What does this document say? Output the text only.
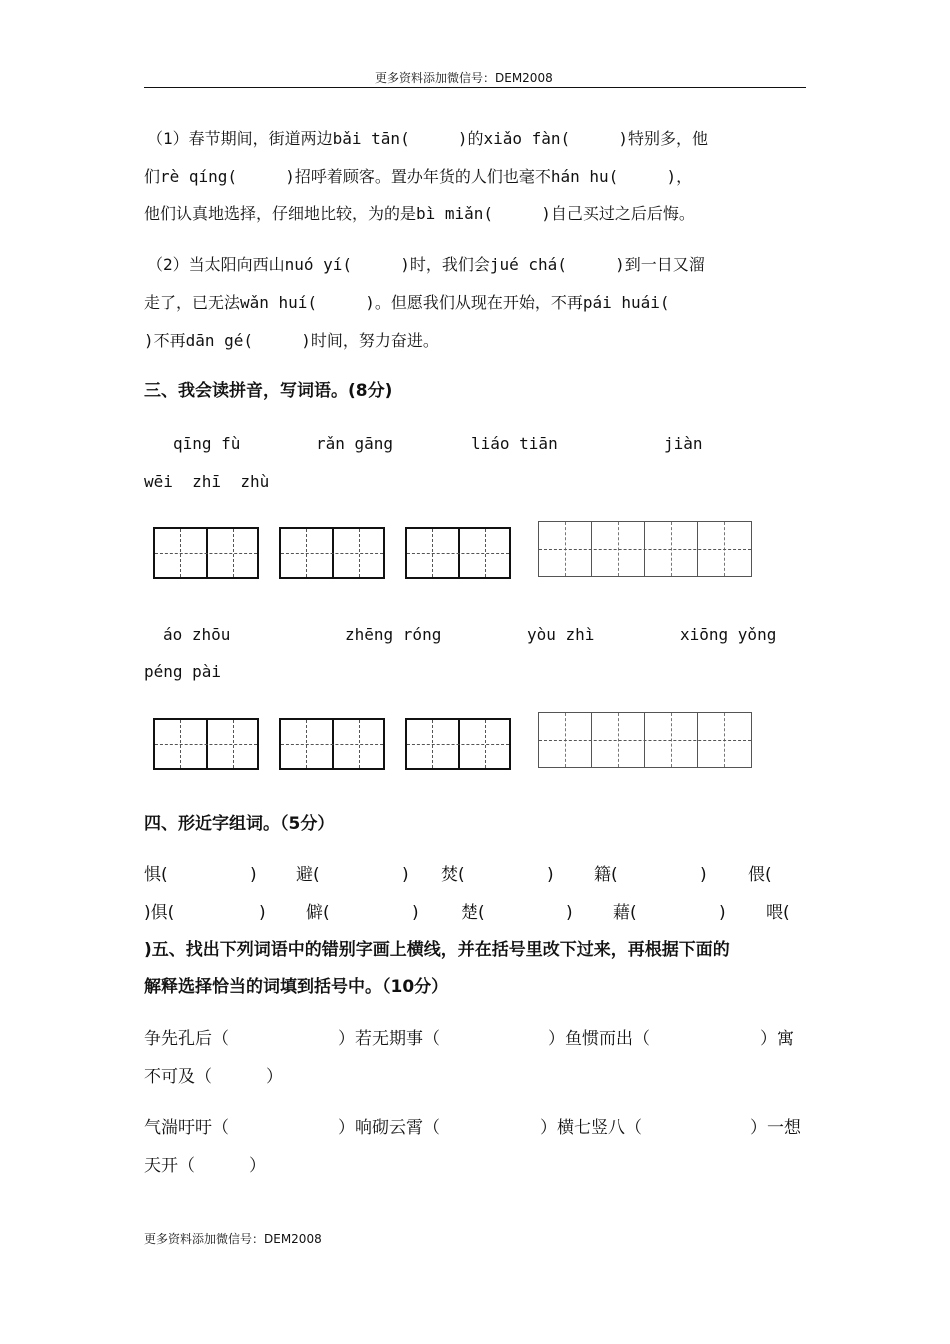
更多资料添加微信号：DEM2008
（1）春节期间，街道两边bǎi tān(     )的xiǎo fàn(     )特别多，他
们rè qíng(     )招呼着顾客。置办年货的人们也毫不hán hu(     )，
他们认真地选择，仔细地比较，为的是bì miǎn(     )自己买过之后后悔。
（2）当太阳向西山nuó yí(     )时，我们会jué chá(     )到一日又溜
走了，已无法wǎn huí(     )。但愿我们从现在开始，不再pái huái(
)不再dān gé(     )时间，努力奋进。
三、我会读拼音，写词语。(8分)
qīng fù	rǎn gāng	liáo tiān	jiàn
wēi  zhī  zhù
áo zhōu	zhēng róng	yòu zhì	xiōng yǒng
péng pài
四、形近字组词。（5分）
惧(	) 避(	) 焚(	) 籍(	) 偎(
)俱(	) 僻(	) 楚(	) 藉(	) 喂(
)五、找出下列词语中的错别字画上横线，并在括号里改下过来，再根据下面的
解释选择恰当的词填到括号中。（10分）
争先孔后（	）若无期事（	）鱼惯而出（	）寓
不可及（          ）
气湍吁吁（	）响砌云霄（	）横七竖八（	）一想
天开（          ）
更多资料添加微信号：DEM2008
